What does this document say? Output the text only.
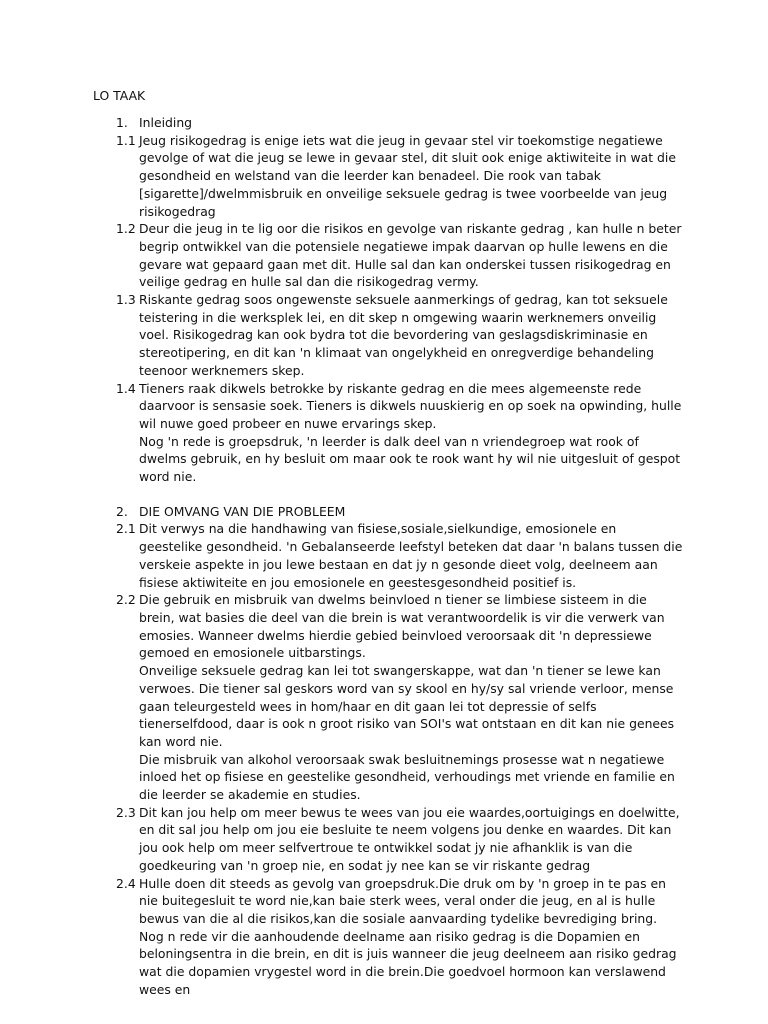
LO TAAK
1. Inleiding
1.1 Jeug risikogedrag is enige iets wat die jeug in gevaar stel vir toekomstige negatiewe gevolge of wat die jeug se lewe in gevaar stel, dit sluit ook enige aktiwiteite in wat die gesondheid en welstand van die leerder kan benadeel. Die rook van tabak [sigarette]/dwelmmisbruik en onveilige seksuele gedrag is twee voorbeelde van jeug risikogedrag

1.2 Deur die jeug in te lig oor die risikos en gevolge van riskante gedrag , kan hulle n beter begrip ontwikkel van die potensiele negatiewe impak daarvan op hulle lewens en die gevare wat gepaard gaan met dit. Hulle sal dan kan onderskei tussen risikogedrag en veilige gedrag en hulle sal dan die risikogedrag vermy.

1.3 Riskante gedrag soos ongewenste seksuele aanmerkings of gedrag, kan tot seksuele teistering in die werksplek lei, en dit skep n omgewing waarin werknemers onveilig voel. Risikogedrag kan ook bydra tot die bevordering van geslagsdiskriminasie en stereotipering, en dit kan 'n klimaat van ongelykheid en onregverdige behandeling teenoor werknemers skep.

1.4 Tieners raak dikwels betrokke by riskante gedrag en die mees algemeenste rede daarvoor is sensasie soek. Tieners is dikwels nuuskierig en op soek na opwinding, hulle wil nuwe goed probeer en nuwe ervarings skep.

Nog 'n rede is groepsdruk, 'n leerder is dalk deel van n vriendegroep wat rook of dwelms gebruik, en hy besluit om maar ook te rook want hy wil nie uitgesluit of gespot word nie.

2. DIE OMVANG VAN DIE PROBLEEM
2.1 Dit verwys na die handhawing van fisiese,sosiale,sielkundige, emosionele en geestelike gesondheid. 'n Gebalanseerde leefstyl beteken dat daar 'n balans tussen die verskeie aspekte in jou lewe bestaan en dat jy n gesonde dieet volg, deelneem aan fisiese aktiwiteite en jou emosionele en geestesgesondheid positief is.

2.2 Die gebruik en misbruik van dwelms beinvloed n tiener se limbiese sisteem in die brein, wat basies die deel van die brein is wat verantwoordelik is vir die verwerk van emosies. Wanneer dwelms hierdie gebied beinvloed veroorsaak dit 'n depressiewe gemoed en emosionele uitbarstings.

Onveilige seksuele gedrag kan lei tot swangerskappe, wat dan 'n tiener se lewe kan verwoes. Die tiener sal geskors word van sy skool en hy/sy sal vriende verloor, mense gaan teleurgesteld wees in hom/haar en dit gaan lei tot depressie of selfs tienerselfdood, daar is ook n groot risiko van SOI's wat ontstaan en dit kan nie genees kan word nie.

Die misbruik van alkohol veroorsaak swak besluitnemings prosesse wat n negatiewe inloed het op fisiese en geestelike gesondheid, verhoudings met vriende en familie en die leerder se akademie en studies.

2.3 Dit kan jou help om meer bewus te wees van jou eie waardes,oortuigings en doelwitte, en dit sal jou help om jou eie besluite te neem volgens jou denke en waardes. Dit kan jou ook help om meer selfvertroue te ontwikkel sodat jy nie afhanklik is van die goedkeuring van 'n groep nie, en sodat jy nee kan se vir riskante gedrag

2.4 Hulle doen dit steeds as gevolg van groepsdruk.Die druk om by 'n groep in te pas en nie buitegesluit te word nie,kan baie sterk wees, veral onder die jeug, en al is hulle bewus van die al die risikos,kan die sosiale aanvaarding tydelike bevrediging bring.

Nog n rede vir die aanhoudende deelname aan risiko gedrag is die Dopamien en beloningsentra in die brein, en dit is juis wanneer die jeug deelneem aan risiko gedrag wat die dopamien vrygestel word in die brein.Die goedvoel hormoon kan verslawend wees en
